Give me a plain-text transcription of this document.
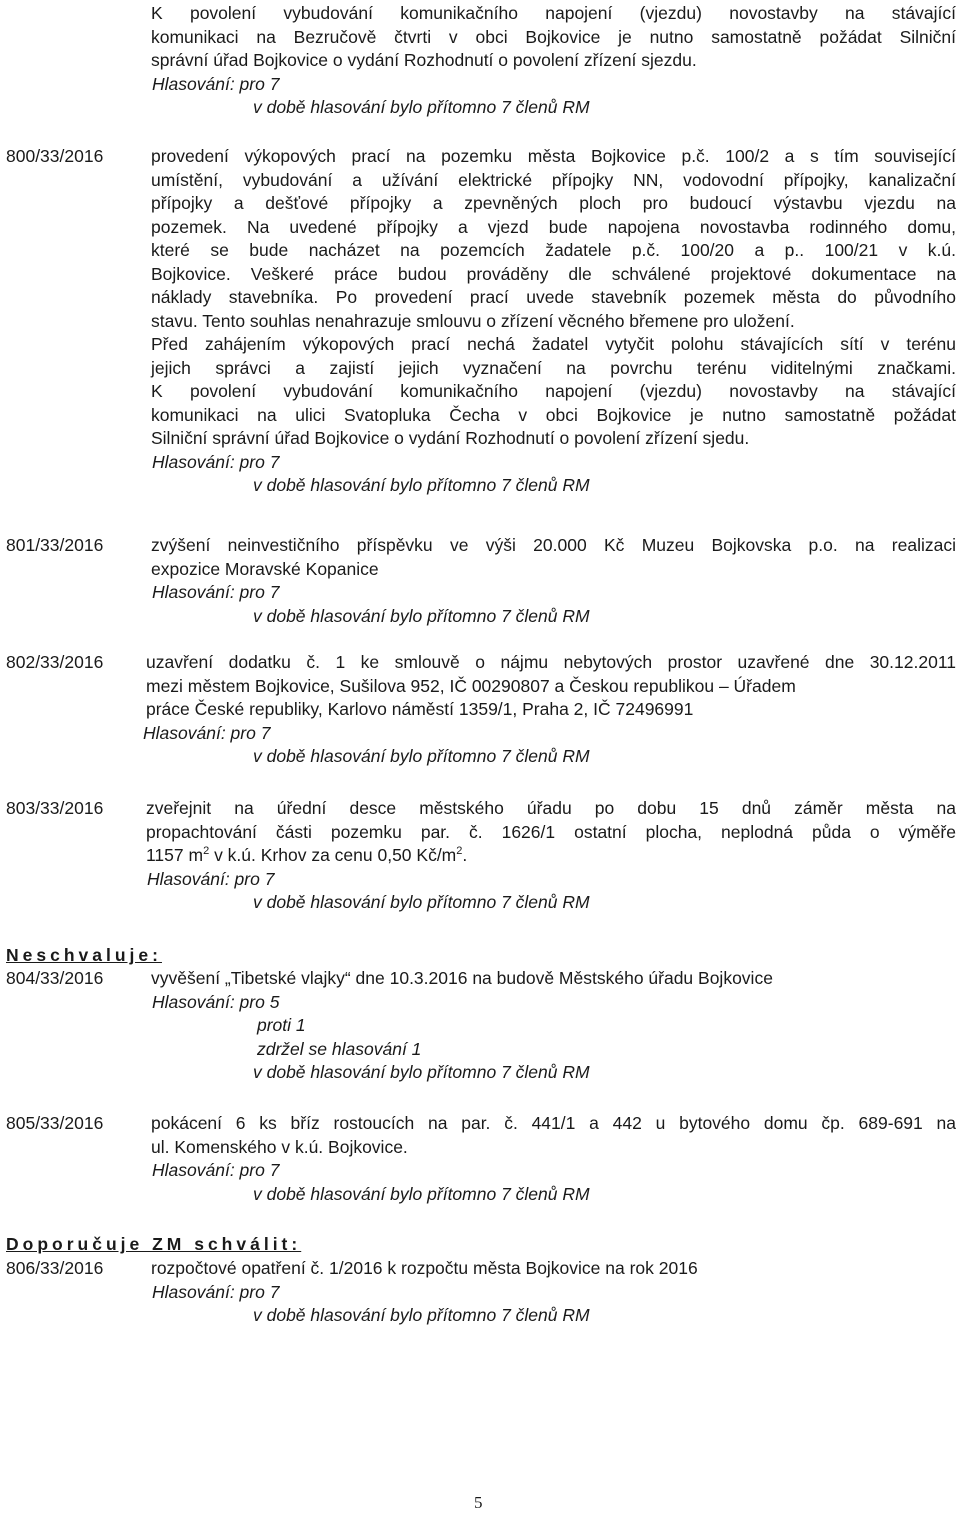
K povolení vybudování komunikačního napojení (vjezdu) novostavby na stávající

komunikaci na Bezručově čtvrti v obci Bojkovice je nutno samostatně požádat Silniční

správní úřad Bojkovice o vydání Rozhodnutí o povolení zřízení sjezdu.

Hlasování: pro 7
v době hlasování bylo přítomno 7 členů RM
800/33/2016	provedení výkopových prací na pozemku města Bojkovice p.č. 100/2 a s tím související

umístění, vybudování a užívání elektrické přípojky NN, vodovodní přípojky, kanalizační

přípojky a dešťové přípojky a zpevněných ploch pro budoucí výstavbu vjezdu na

pozemek. Na uvedené přípojky a vjezd bude napojena novostavba rodinného domu,

které se bude nacházet na pozemcích žadatele p.č. 100/20 a p.. 100/21 v k.ú.

Bojkovice. Veškeré práce budou prováděny dle schválené projektové dokumentace na

náklady stavebníka. Po provedení prací uvede stavebník pozemek města do původního

stavu. Tento souhlas nenahrazuje smlouvu o zřízení věcného břemene pro uložení.

Před zahájením výkopových prací nechá žadatel vytyčit polohu stávajících sítí v terénu

jejich správci a zajistí jejich vyznačení na povrchu terénu viditelnými značkami.

K povolení vybudování komunikačního napojení (vjezdu) novostavby na stávající

komunikaci na ulici Svatopluka Čecha v obci Bojkovice je nutno samostatně požádat

Silniční správní úřad Bojkovice o vydání Rozhodnutí o povolení zřízení sjedu.

Hlasování: pro 7
v době hlasování bylo přítomno 7 členů RM
801/33/2016	zvýšení neinvestičního příspěvku ve výši 20.000 Kč Muzeu Bojkovska p.o. na realizaci

expozice Moravské Kopanice

Hlasování: pro 7
v době hlasování bylo přítomno 7 členů RM
802/33/2016 uzavření dodatku č. 1 ke smlouvě o nájmu nebytových prostor uzavřené dne 30.12.2011

mezi městem Bojkovice, Sušilova 952, IČ 00290807 a Českou republikou – Úřadem

práce České republiky, Karlovo náměstí 1359/1, Praha 2, IČ 72496991

Hlasování: pro 7
v době hlasování bylo přítomno 7 členů RM
803/33/2016 zveřejnit na úřední desce městského úřadu po dobu 15 dnů záměr města na

propachtování části pozemku par. č. 1626/1 ostatní plocha, neplodná půda o výměře

1157 $m^2$ v k.ú. Krhov za cenu 0,50 $Kč/m^2$.

Hlasování: pro 7
v době hlasování bylo přítomno 7 členů RM
Neschvaluje:
804/33/2016	vyvěšení „Tibetské vlajky“ dne 10.3.2016 na budově Městského úřadu Bojkovice

Hlasování: pro 5
proti 1
zdržel se hlasování 1
v době hlasování bylo přítomno 7 členů RM
805/33/2016	pokácení 6 ks bříz rostoucích na par. č. 441/1 a 442 u bytového domu čp. 689-691 na

ul. Komenského v k.ú. Bojkovice.

Hlasování: pro 7
v době hlasování bylo přítomno 7 členů RM
Doporučuje ZM schválit:
806/33/2016	rozpočtové opatření č. 1/2016 k rozpočtu města Bojkovice na rok 2016

Hlasování: pro 7
v době hlasování bylo přítomno 7 členů RM
5
